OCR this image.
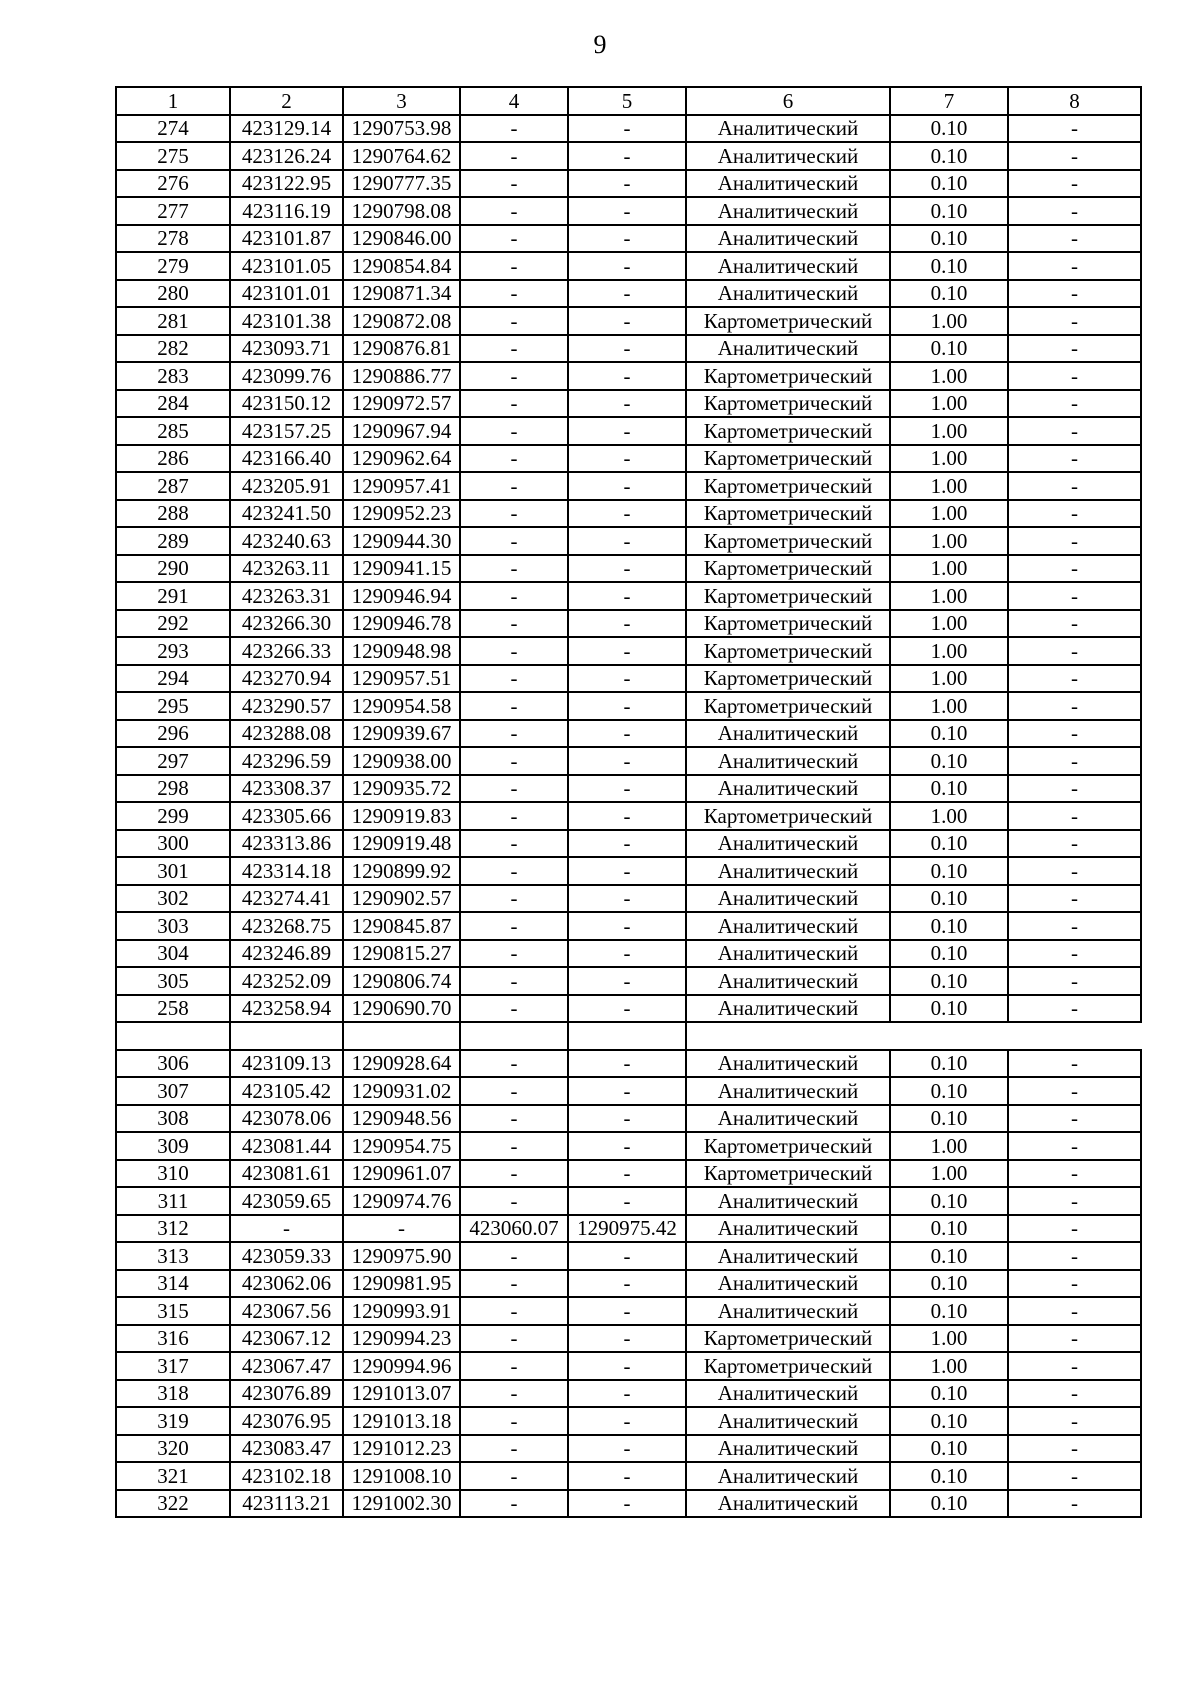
9
1	2	3	4	5	6	7	8
274	423129.14	1290753.98	-	-	Аналитический	0.10	-
275	423126.24	1290764.62	-	-	Аналитический	0.10	-
276	423122.95	1290777.35	-	-	Аналитический	0.10	-
277	423116.19	1290798.08	-	-	Аналитический	0.10	-
278	423101.87	1290846.00	-	-	Аналитический	0.10	-
279	423101.05	1290854.84	-	-	Аналитический	0.10	-
280	423101.01	1290871.34	-	-	Аналитический	0.10	-
281	423101.38	1290872.08	-	-	Картометрический	1.00	-
282	423093.71	1290876.81	-	-	Аналитический	0.10	-
283	423099.76	1290886.77	-	-	Картометрический	1.00	-
284	423150.12	1290972.57	-	-	Картометрический	1.00	-
285	423157.25	1290967.94	-	-	Картометрический	1.00	-
286	423166.40	1290962.64	-	-	Картометрический	1.00	-
287	423205.91	1290957.41	-	-	Картометрический	1.00	-
288	423241.50	1290952.23	-	-	Картометрический	1.00	-
289	423240.63	1290944.30	-	-	Картометрический	1.00	-
290	423263.11	1290941.15	-	-	Картометрический	1.00	-
291	423263.31	1290946.94	-	-	Картометрический	1.00	-
292	423266.30	1290946.78	-	-	Картометрический	1.00	-
293	423266.33	1290948.98	-	-	Картометрический	1.00	-
294	423270.94	1290957.51	-	-	Картометрический	1.00	-
295	423290.57	1290954.58	-	-	Картометрический	1.00	-
296	423288.08	1290939.67	-	-	Аналитический	0.10	-
297	423296.59	1290938.00	-	-	Аналитический	0.10	-
298	423308.37	1290935.72	-	-	Аналитический	0.10	-
299	423305.66	1290919.83	-	-	Картометрический	1.00	-
300	423313.86	1290919.48	-	-	Аналитический	0.10	-
301	423314.18	1290899.92	-	-	Аналитический	0.10	-
302	423274.41	1290902.57	-	-	Аналитический	0.10	-
303	423268.75	1290845.87	-	-	Аналитический	0.10	-
304	423246.89	1290815.27	-	-	Аналитический	0.10	-
305	423252.09	1290806.74	-	-	Аналитический	0.10	-
258	423258.94	1290690.70	-	-	Аналитический	0.10	-

306	423109.13	1290928.64	-	-	Аналитический	0.10	-
307	423105.42	1290931.02	-	-	Аналитический	0.10	-
308	423078.06	1290948.56	-	-	Аналитический	0.10	-
309	423081.44	1290954.75	-	-	Картометрический	1.00	-
310	423081.61	1290961.07	-	-	Картометрический	1.00	-
311	423059.65	1290974.76	-	-	Аналитический	0.10	-
312	-	-	423060.07	1290975.42	Аналитический	0.10	-
313	423059.33	1290975.90	-	-	Аналитический	0.10	-
314	423062.06	1290981.95	-	-	Аналитический	0.10	-
315	423067.56	1290993.91	-	-	Аналитический	0.10	-
316	423067.12	1290994.23	-	-	Картометрический	1.00	-
317	423067.47	1290994.96	-	-	Картометрический	1.00	-
318	423076.89	1291013.07	-	-	Аналитический	0.10	-
319	423076.95	1291013.18	-	-	Аналитический	0.10	-
320	423083.47	1291012.23	-	-	Аналитический	0.10	-
321	423102.18	1291008.10	-	-	Аналитический	0.10	-
322	423113.21	1291002.30	-	-	Аналитический	0.10	-
